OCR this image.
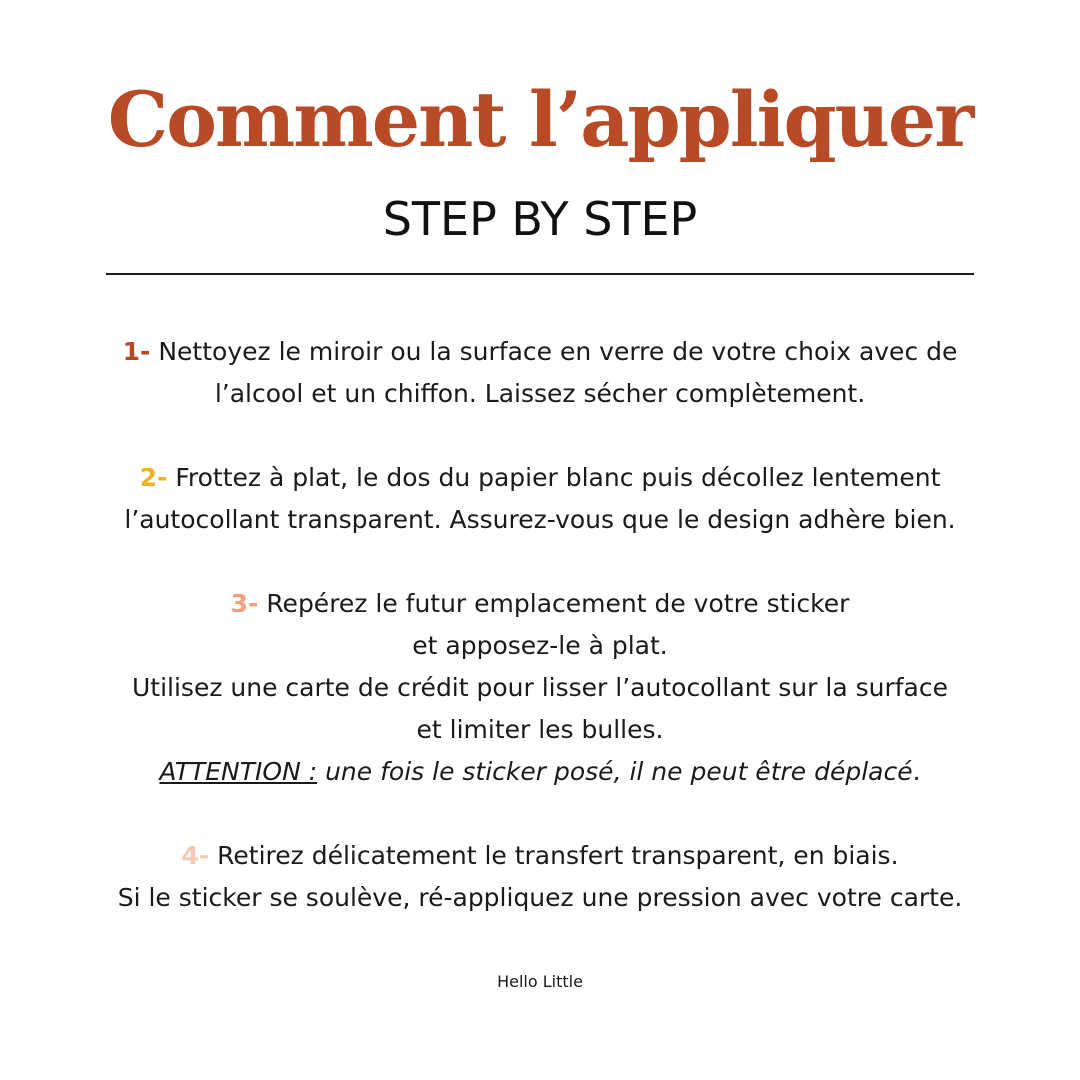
Comment l’appliquer
STEP BY STEP

1- Nettoyez le miroir ou la surface en verre de votre choix avec de

l’alcool et un chiffon. Laissez sécher complètement.

2- Frottez à plat, le dos du papier blanc puis décollez lentement

l’autocollant transparent. Assurez-vous que le design adhère bien.

3- Repérez le futur emplacement de votre sticker

et apposez-le à plat.

Utilisez une carte de crédit pour lisser l’autocollant sur la surface

et limiter les bulles.

ATTENTION : une fois le sticker posé, il ne peut être déplacé.

4- Retirez délicatement le transfert transparent, en biais.

Si le sticker se soulève, ré-appliquez une pression avec votre carte.

Hello Little
